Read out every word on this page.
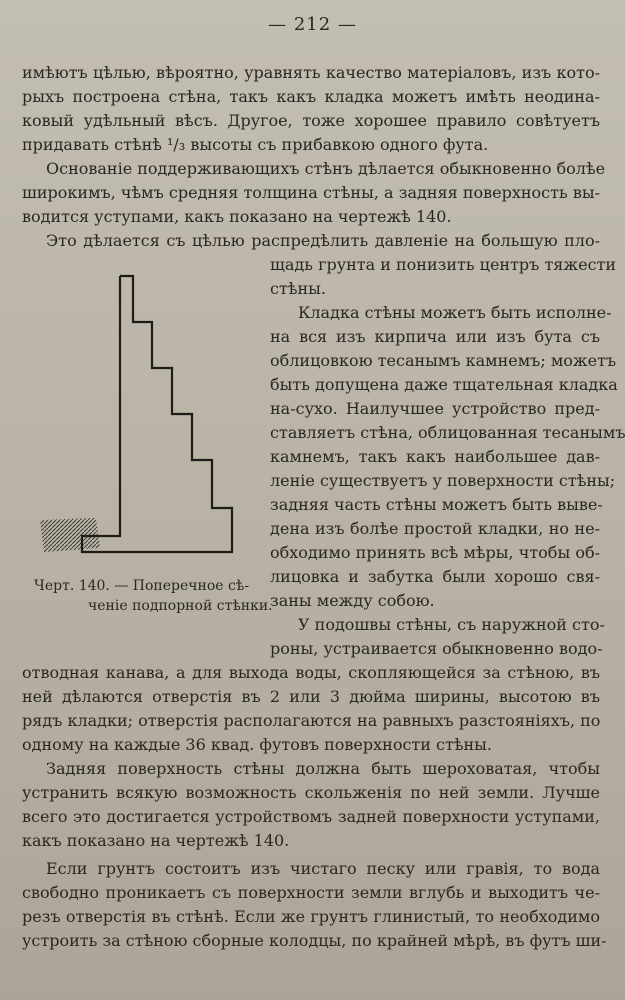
— 212 —

имѣютъ цѣлью, вѣроятно, уравнять качество матеріаловъ, изъ кото-

рыхъ построена стѣна, такъ какъ кладка можетъ имѣть неодина-

ковый удѣльный вѣсъ. Другое, тоже хорошее правило совѣтуетъ

придавать стѣнѣ ¹/₃ высоты съ прибавкою одного фута.

Основаніе поддерживающихъ стѣнъ дѣлается обыкновенно болѣе

широкимъ, чѣмъ средняя толщина стѣны, а задняя поверхность вы-

водится уступами, какъ показано на чертежѣ 140.

Это дѣлается съ цѣлью распредѣлить давленіе на большую пло-

щадь грунта и понизить центръ тяжести

стѣны.

Кладка стѣны можетъ быть исполне-

на вся изъ кирпича или изъ бута съ

облицовкою тесанымъ камнемъ; можетъ

быть допущена даже тщательная кладка

на-сухо. Наилучшее устройство пред-

ставляетъ стѣна, облицованная тесанымъ

камнемъ, такъ какъ наибольшее дав-

леніе существуетъ у поверхности стѣны;

задняя часть стѣны можетъ быть выве-

дена изъ болѣе простой кладки, но не-

обходимо принять всѣ мѣры, чтобы об-

лицовка и забутка были хорошо свя-

заны между собою.

У подошвы стѣны, съ наружной сто-

роны, устраивается обыкновенно водо-

отводная канава, а для выхода воды, скопляющейся за стѣною, въ

ней дѣлаются отверстія въ 2 или 3 дюйма ширины, высотою въ

рядъ кладки; отверстія располагаются на равныхъ разстояніяхъ, по

одному на каждые 36 квад. футовъ поверхности стѣны.

Задняя поверхность стѣны должна быть шероховатая, чтобы

устранить всякую возможность скольженія по ней земли. Лучше

всего это достигается устройствомъ задней поверхности уступами,

какъ показано на чертежѣ 140.

Если грунтъ состоитъ изъ чистаго песку или гравія, то вода

свободно проникаетъ съ поверхности земли вглубь и выходитъ че-

резъ отверстія въ стѣнѣ. Если же грунтъ глинистый, то необходимо

устроить за стѣною сборные колодцы, по крайней мѣрѣ, въ футъ ши-

Черт. 140. — Поперечное сѣ-

ченіе подпорной стѣнки.
